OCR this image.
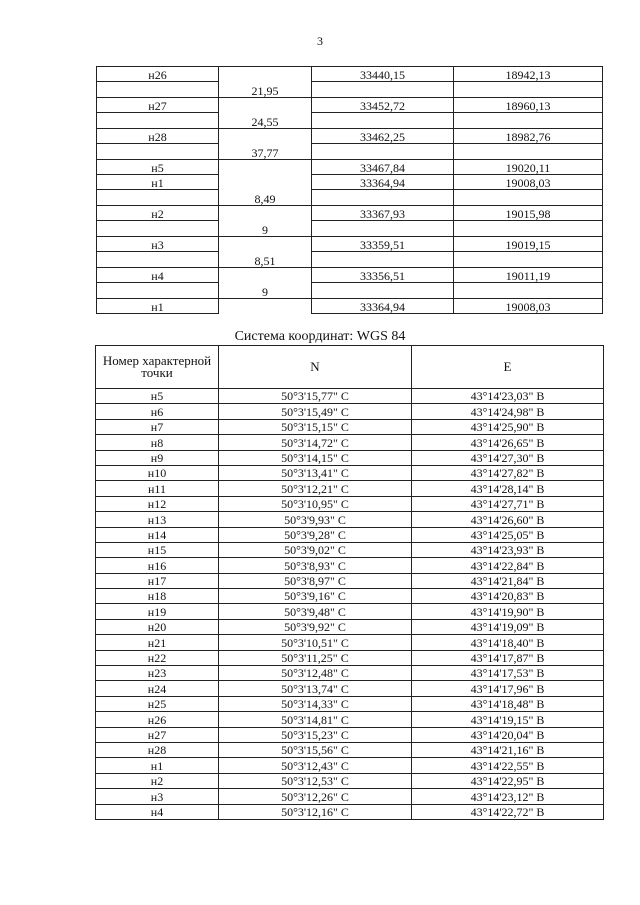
3
н26		33440,15	18942,13
	21,95		
н27		33452,72	18960,13
	24,55		
н28		33462,25	18982,76
	37,77		
н5		33467,84	19020,11
н1		33364,94	19008,03
	8,49		
н2		33367,93	19015,98
	9		
н3		33359,51	19019,15
	8,51		
н4		33356,51	19011,19
	9		
н1		33364,94	19008,03
Система координат: WGS 84
Номер характерной точки	N	E
н5	50°3'15,77" С	43°14'23,03" В
н6	50°3'15,49" С	43°14'24,98" В
н7	50°3'15,15" С	43°14'25,90" В
н8	50°3'14,72" С	43°14'26,65" В
н9	50°3'14,15" С	43°14'27,30" В
н10	50°3'13,41" С	43°14'27,82" В
н11	50°3'12,21" С	43°14'28,14" В
н12	50°3'10,95" С	43°14'27,71" В
н13	50°3'9,93" С	43°14'26,60" В
н14	50°3'9,28" С	43°14'25,05" В
н15	50°3'9,02" С	43°14'23,93" В
н16	50°3'8,93" С	43°14'22,84" В
н17	50°3'8,97" С	43°14'21,84" В
н18	50°3'9,16" С	43°14'20,83" В
н19	50°3'9,48" С	43°14'19,90" В
н20	50°3'9,92" С	43°14'19,09" В
н21	50°3'10,51" С	43°14'18,40" В
н22	50°3'11,25" С	43°14'17,87" В
н23	50°3'12,48" С	43°14'17,53" В
н24	50°3'13,74" С	43°14'17,96" В
н25	50°3'14,33" С	43°14'18,48" В
н26	50°3'14,81" С	43°14'19,15" В
н27	50°3'15,23" С	43°14'20,04" В
н28	50°3'15,56" С	43°14'21,16" В
н1	50°3'12,43" С	43°14'22,55" В
н2	50°3'12,53" С	43°14'22,95" В
н3	50°3'12,26" С	43°14'23,12" В
н4	50°3'12,16" С	43°14'22,72" В
